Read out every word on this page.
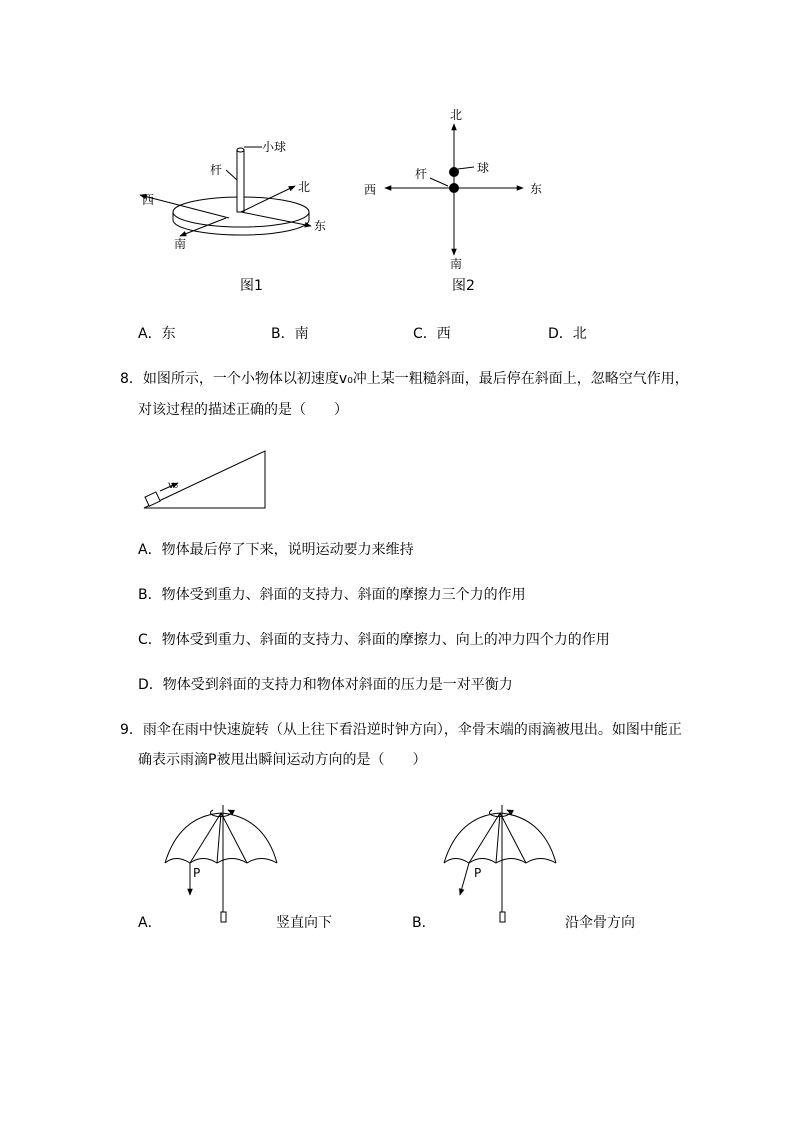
小球
杆
北
西
东
南
图1
北
球
杆
西	东
南
图2
A．东	B．南	C．西	D．北
8．如图所示，一个小物体以初速度v₀冲上某一粗糙斜面，最后停在斜面上，忽略空气作用，
对该过程的描述正确的是（　　）
v₀
A．物体最后停了下来，说明运动要力来维持
B．物体受到重力、斜面的支持力、斜面的摩擦力三个力的作用
C．物体受到重力、斜面的支持力、斜面的摩擦力、向上的冲力四个力的作用
D．物体受到斜面的支持力和物体对斜面的压力是一对平衡力
9．雨伞在雨中快速旋转（从上往下看沿逆时钟方向），伞骨末端的雨滴被甩出。如图中能正
确表示雨滴P被甩出瞬间运动方向的是（　　）
P	P
A．	竖直向下	B．	沿伞骨方向
